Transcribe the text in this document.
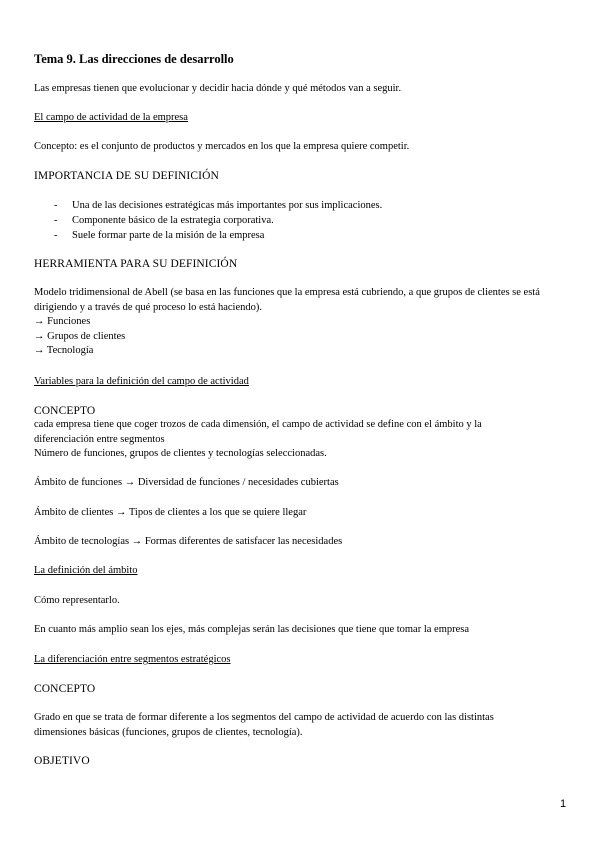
Tema 9. Las direcciones de desarrollo
Las empresas tienen que evolucionar y decidir hacia dónde y qué métodos van a seguir.
El campo de actividad de la empresa
Concepto: es el conjunto de productos y mercados en los que la empresa quiere competir.
IMPORTANCIA DE SU DEFINICIÓN
- Una de las decisiones estratégicas más importantes por sus implicaciones.
- Componente básico de la estrategia corporativa.
- Suele formar parte de la misión de la empresa
HERRAMIENTA PARA SU DEFINICIÓN
Modelo tridimensional de Abell (se basa en las funciones que la empresa está cubriendo, a que grupos de clientes se está
dirigiendo y a través de qué proceso lo está haciendo).
→ Funciones
→ Grupos de clientes
→ Tecnología
Variables para la definición del campo de actividad
CONCEPTO
cada empresa tiene que coger trozos de cada dimensión, el campo de actividad se define con el ámbito y la
diferenciación entre segmentos
Número de funciones, grupos de clientes y tecnologías seleccionadas.
Ámbito de funciones → Diversidad de funciones / necesidades cubiertas
Ámbito de clientes → Tipos de clientes a los que se quiere llegar
Ámbito de tecnologías → Formas diferentes de satisfacer las necesidades
La definición del ámbito
Cómo representarlo.
En cuanto más amplio sean los ejes, más complejas serán las decisiones que tiene que tomar la empresa
La diferenciación entre segmentos estratégicos
CONCEPTO
Grado en que se trata de formar diferente a los segmentos del campo de actividad de acuerdo con las distintas
dimensiones básicas (funciones, grupos de clientes, tecnología).
OBJETIVO
1
